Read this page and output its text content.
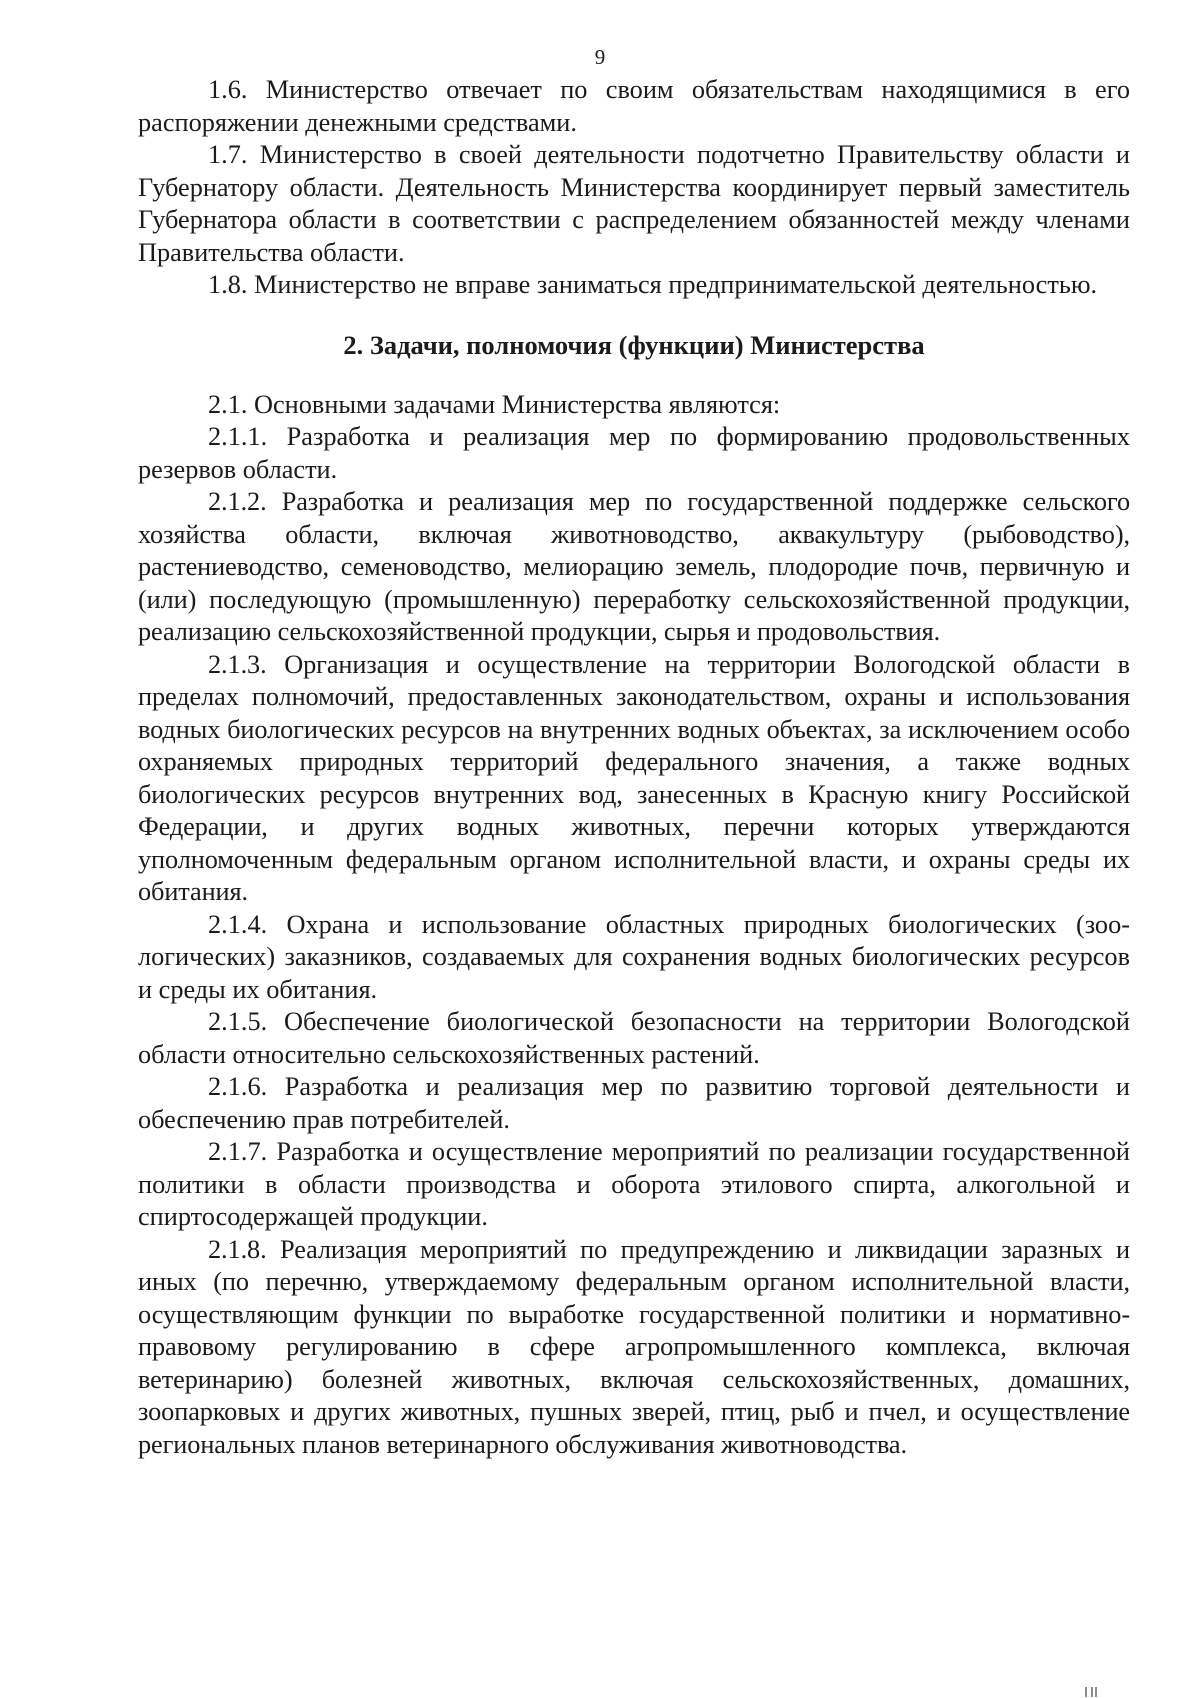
9

1.6. Министерство отвечает по своим обязательствам находящимися в его распоряжении денежными средствами.

1.7. Министерство в своей деятельности подотчетно Правительству области и Губернатору области. Деятельность Министерства координирует первый заместитель Губернатора области в соответствии с распределением обязанностей между членами Правительства области.

1.8. Министерство не вправе заниматься предпринимательской деятельностью.

2. Задачи, полномочия (функции) Министерства

2.1. Основными задачами Министерства являются:

2.1.1. Разработка и реализация мер по формированию продовольственных резервов области.

2.1.2. Разработка и реализация мер по государственной поддержке сельского хозяйства области, включая животноводство, аквакультуру (рыбоводство), растениеводство, семеноводство, мелиорацию земель, плодородие почв, первичную и (или) последующую (промышленную) переработку сельскохозяйственной продукции, реализацию сельскохозяйственной продукции, сырья и продовольствия.

2.1.3. Организация и осуществление на территории Вологодской области в пределах полномочий, предоставленных законодательством, охраны и использования водных биологических ресурсов на внутренних водных объектах, за исключением особо охраняемых природных территорий федерального значения, а также водных биологических ресурсов внутренних вод, занесенных в Красную книгу Российской Федерации, и других водных животных, перечни которых утверждаются уполномоченным федеральным органом исполнительной власти, и охраны среды их обитания.

2.1.4. Охрана и использование областных природных биологических (зоологических) заказников, создаваемых для сохранения водных биологических ресурсов и среды их обитания.

2.1.5. Обеспечение биологической безопасности на территории Вологодской области относительно сельскохозяйственных растений.

2.1.6. Разработка и реализация мер по развитию торговой деятельности и обеспечению прав потребителей.

2.1.7. Разработка и осуществление мероприятий по реализации государственной политики в области производства и оборота этилового спирта, алкогольной и спиртосодержащей продукции.

2.1.8. Реализация мероприятий по предупреждению и ликвидации заразных и иных (по перечню, утверждаемому федеральным органом исполнительной власти, осуществляющим функции по выработке государственной политики и нормативно-правовому регулированию в сфере агропромышленного комплекса, включая ветеринарию) болезней животных, включая сельскохозяйственных, домашних, зоопарковых и других животных, пушных зверей, птиц, рыб и пчел, и осуществление региональных планов ветеринарного обслуживания животноводства.
